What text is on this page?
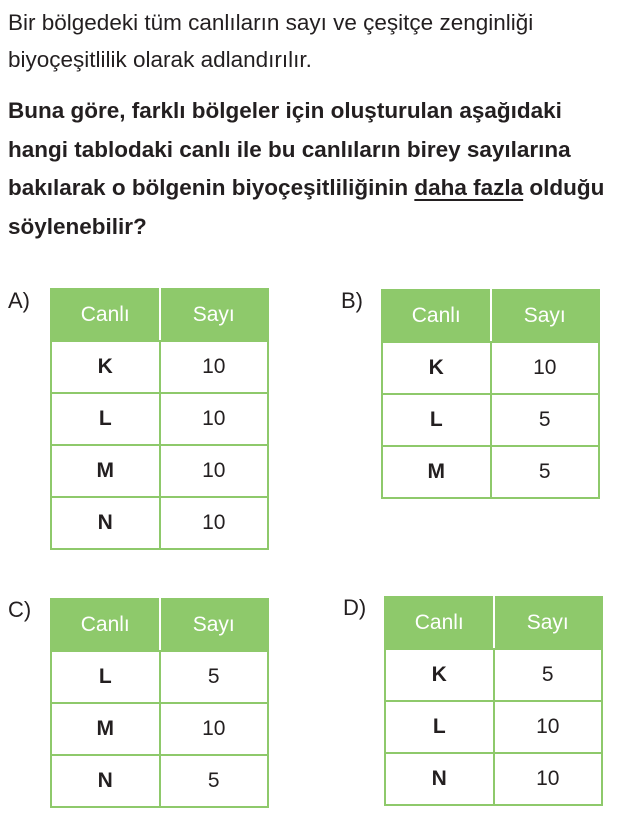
Bir bölgedeki tüm canlıların sayı ve çeşitçe zenginliği biyoçeşitlilik olarak adlandırılır.

Buna göre, farklı bölgeler için oluşturulan aşağıdaki hangi tablodaki canlı ile bu canlıların birey sayılarına bakılarak o bölgenin biyoçeşitliliğinin daha fazla olduğu söylenebilir?

A)
Canlı	Sayı
K	10
L	10
M	10
N	10
B)
Canlı	Sayı
K	10
L	5
M	5
C)
Canlı	Sayı
L	5
M	10
N	5
D)
Canlı	Sayı
K	5
L	10
N	10
